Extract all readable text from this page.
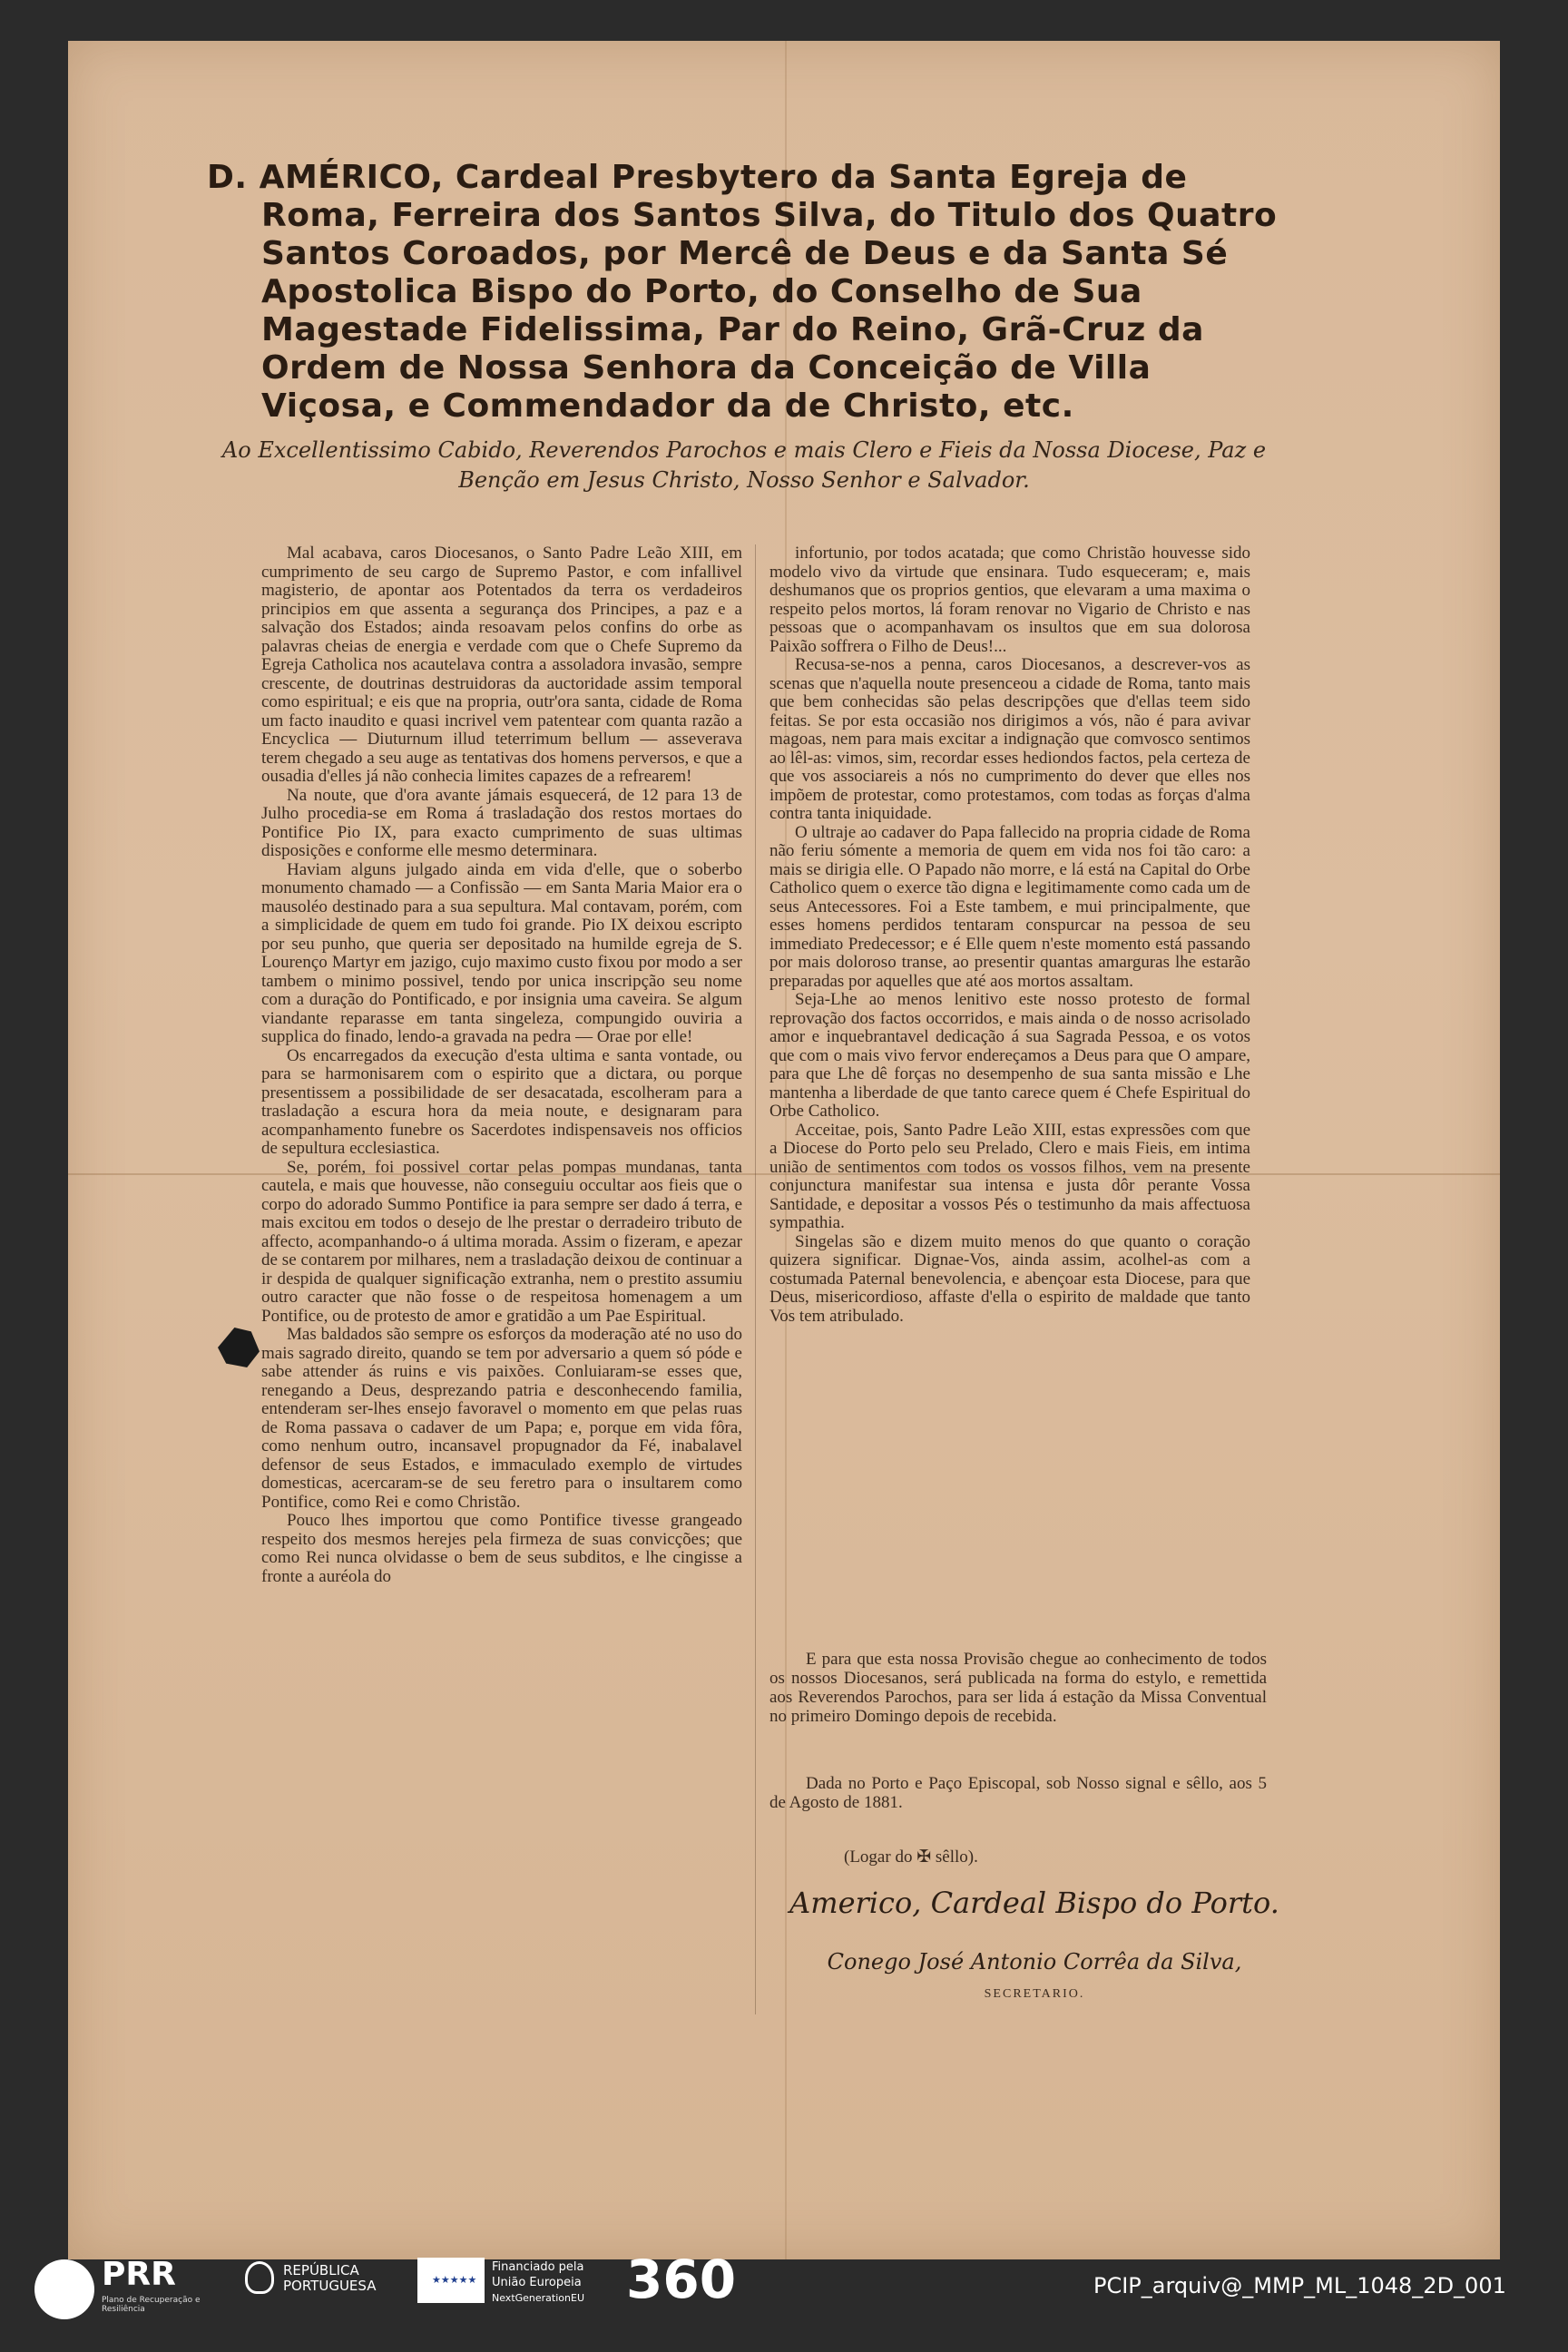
D. AMÉRICO, Cardeal Presbytero da Santa Egreja de Roma, Ferreira dos Santos Silva, do Titulo dos Quatro Santos Coroados, por Mercê de Deus e da Santa Sé Apostolica Bispo do Porto, do Conselho de Sua Magestade Fidelissima, Par do Reino, Grã-Cruz da Ordem de Nossa Senhora da Conceição de Villa Viçosa, e Commendador da de Christo, etc.
Ao Excellentissimo Cabido, Reverendos Parochos e mais Clero e Fieis da Nossa Diocese, Paz e Benção em Jesus Christo, Nosso Senhor e Salvador.

Mal acabava, caros Diocesanos, o Santo Padre Leão XIII, em cumprimento de seu cargo de Supremo Pastor, e com infallivel magisterio, de apontar aos Potentados da terra os verdadeiros principios em que assenta a segurança dos Principes, a paz e a salvação dos Estados; ainda resoavam pelos confins do orbe as palavras cheias de energia e verdade com que o Chefe Supremo da Egreja Catholica nos acautelava contra a assoladora invasão, sempre crescente, de doutrinas destruidoras da auctoridade assim temporal como espiritual; e eis que na propria, outr'ora santa, cidade de Roma um facto inaudito e quasi incrivel vem patentear com quanta razão a Encyclica — Diuturnum illud teterrimum bellum — asseverava terem chegado a seu auge as tentativas dos homens perversos, e que a ousadia d'elles já não conhecia limites capazes de a refrearem!

Na noute, que d'ora avante jámais esquecerá, de 12 para 13 de Julho procedia-se em Roma á trasladação dos restos mortaes do Pontifice Pio IX, para exacto cumprimento de suas ultimas disposições e conforme elle mesmo determinara.

Haviam alguns julgado ainda em vida d'elle, que o soberbo monumento chamado — a Confissão — em Santa Maria Maior era o mausoléo destinado para a sua sepultura. Mal contavam, porém, com a simplicidade de quem em tudo foi grande. Pio IX deixou escripto por seu punho, que queria ser depositado na humilde egreja de S. Lourenço Martyr em jazigo, cujo maximo custo fixou por modo a ser tambem o minimo possivel, tendo por unica inscripção seu nome com a duração do Pontificado, e por insignia uma caveira. Se algum viandante reparasse em tanta singeleza, compungido ouviria a supplica do finado, lendo-a gravada na pedra — Orae por elle!

Os encarregados da execução d'esta ultima e santa vontade, ou para se harmonisarem com o espirito que a dictara, ou porque presentissem a possibilidade de ser desacatada, escolheram para a trasladação a escura hora da meia noute, e designaram para acompanhamento funebre os Sacerdotes indispensaveis nos officios de sepultura ecclesiastica.

Se, porém, foi possivel cortar pelas pompas mundanas, tanta cautela, e mais que houvesse, não conseguiu occultar aos fieis que o corpo do adorado Summo Pontifice ia para sempre ser dado á terra, e mais excitou em todos o desejo de lhe prestar o derradeiro tributo de affecto, acompanhando-o á ultima morada. Assim o fizeram, e apezar de se contarem por milhares, nem a trasladação deixou de continuar a ir despida de qualquer significação extranha, nem o prestito assumiu outro caracter que não fosse o de respeitosa homenagem a um Pontifice, ou de protesto de amor e gratidão a um Pae Espiritual.

Mas baldados são sempre os esforços da moderação até no uso do mais sagrado direito, quando se tem por adversario a quem só póde e sabe attender ás ruins e vis paixões. Conluiaram-se esses que, renegando a Deus, desprezando patria e desconhecendo familia, entenderam ser-lhes ensejo favoravel o momento em que pelas ruas de Roma passava o cadaver de um Papa; e, porque em vida fôra, como nenhum outro, incansavel propugnador da Fé, inabalavel defensor de seus Estados, e immaculado exemplo de virtudes domesticas, acercaram-se de seu feretro para o insultarem como Pontifice, como Rei e como Christão.

Pouco lhes importou que como Pontifice tivesse grangeado respeito dos mesmos herejes pela firmeza de suas convicções; que como Rei nunca olvidasse o bem de seus subditos, e lhe cingisse a fronte a auréola do

infortunio, por todos acatada; que como Christão houvesse sido modelo vivo da virtude que ensinara. Tudo esqueceram; e, mais deshumanos que os proprios gentios, que elevaram a uma maxima o respeito pelos mortos, lá foram renovar no Vigario de Christo e nas pessoas que o acompanhavam os insultos que em sua dolorosa Paixão soffrera o Filho de Deus!...

Recusa-se-nos a penna, caros Diocesanos, a descrever-vos as scenas que n'aquella noute presenceou a cidade de Roma, tanto mais que bem conhecidas são pelas descripções que d'ellas teem sido feitas. Se por esta occasião nos dirigimos a vós, não é para avivar magoas, nem para mais excitar a indignação que comvosco sentimos ao lêl-as: vimos, sim, recordar esses hediondos factos, pela certeza de que vos associareis a nós no cumprimento do dever que elles nos impõem de protestar, como protestamos, com todas as forças d'alma contra tanta iniquidade.

O ultraje ao cadaver do Papa fallecido na propria cidade de Roma não feriu sómente a memoria de quem em vida nos foi tão caro: a mais se dirigia elle. O Papado não morre, e lá está na Capital do Orbe Catholico quem o exerce tão digna e legitimamente como cada um de seus Antecessores. Foi a Este tambem, e mui principalmente, que esses homens perdidos tentaram conspurcar na pessoa de seu immediato Predecessor; e é Elle quem n'este momento está passando por mais doloroso transe, ao presentir quantas amarguras lhe estarão preparadas por aquelles que até aos mortos assaltam.

Seja-Lhe ao menos lenitivo este nosso protesto de formal reprovação dos factos occorridos, e mais ainda o de nosso acrisolado amor e inquebrantavel dedicação á sua Sagrada Pessoa, e os votos que com o mais vivo fervor endereçamos a Deus para que O ampare, para que Lhe dê forças no desempenho de sua santa missão e Lhe mantenha a liberdade de que tanto carece quem é Chefe Espiritual do Orbe Catholico.

Acceitae, pois, Santo Padre Leão XIII, estas expressões com que a Diocese do Porto pelo seu Prelado, Clero e mais Fieis, em intima união de sentimentos com todos os vossos filhos, vem na presente conjunctura manifestar sua intensa e justa dôr perante Vossa Santidade, e depositar a vossos Pés o testimunho da mais affectuosa sympathia.

Singelas são e dizem muito menos do que quanto o coração quizera significar. Dignae-Vos, ainda assim, acolhel-as com a costumada Paternal benevolencia, e abençoar esta Diocese, para que Deus, misericordioso, affaste d'ella o espirito de maldade que tanto Vos tem atribulado.

E para que esta nossa Provisão chegue ao conhecimento de todos os nossos Diocesanos, será publicada na forma do estylo, e remettida aos Reverendos Parochos, para ser lida á estação da Missa Conventual no primeiro Domingo depois de recebida.

Dada no Porto e Paço Episcopal, sob Nosso signal e sêllo, aos 5 de Agosto de 1881.

(Logar do ✠ sêllo).
Americo, Cardeal Bispo do Porto.
Conego José Antonio Corrêa da Silva,
SECRETARIO.
PRR
Plano de Recuperação e Resiliência
REPÚBLICA
PORTUGUESA	★★★★★
Financiado pela
União Europeia
NextGenerationEU 360	PCIP_arquiv@_MMP_ML_1048_2D_001
